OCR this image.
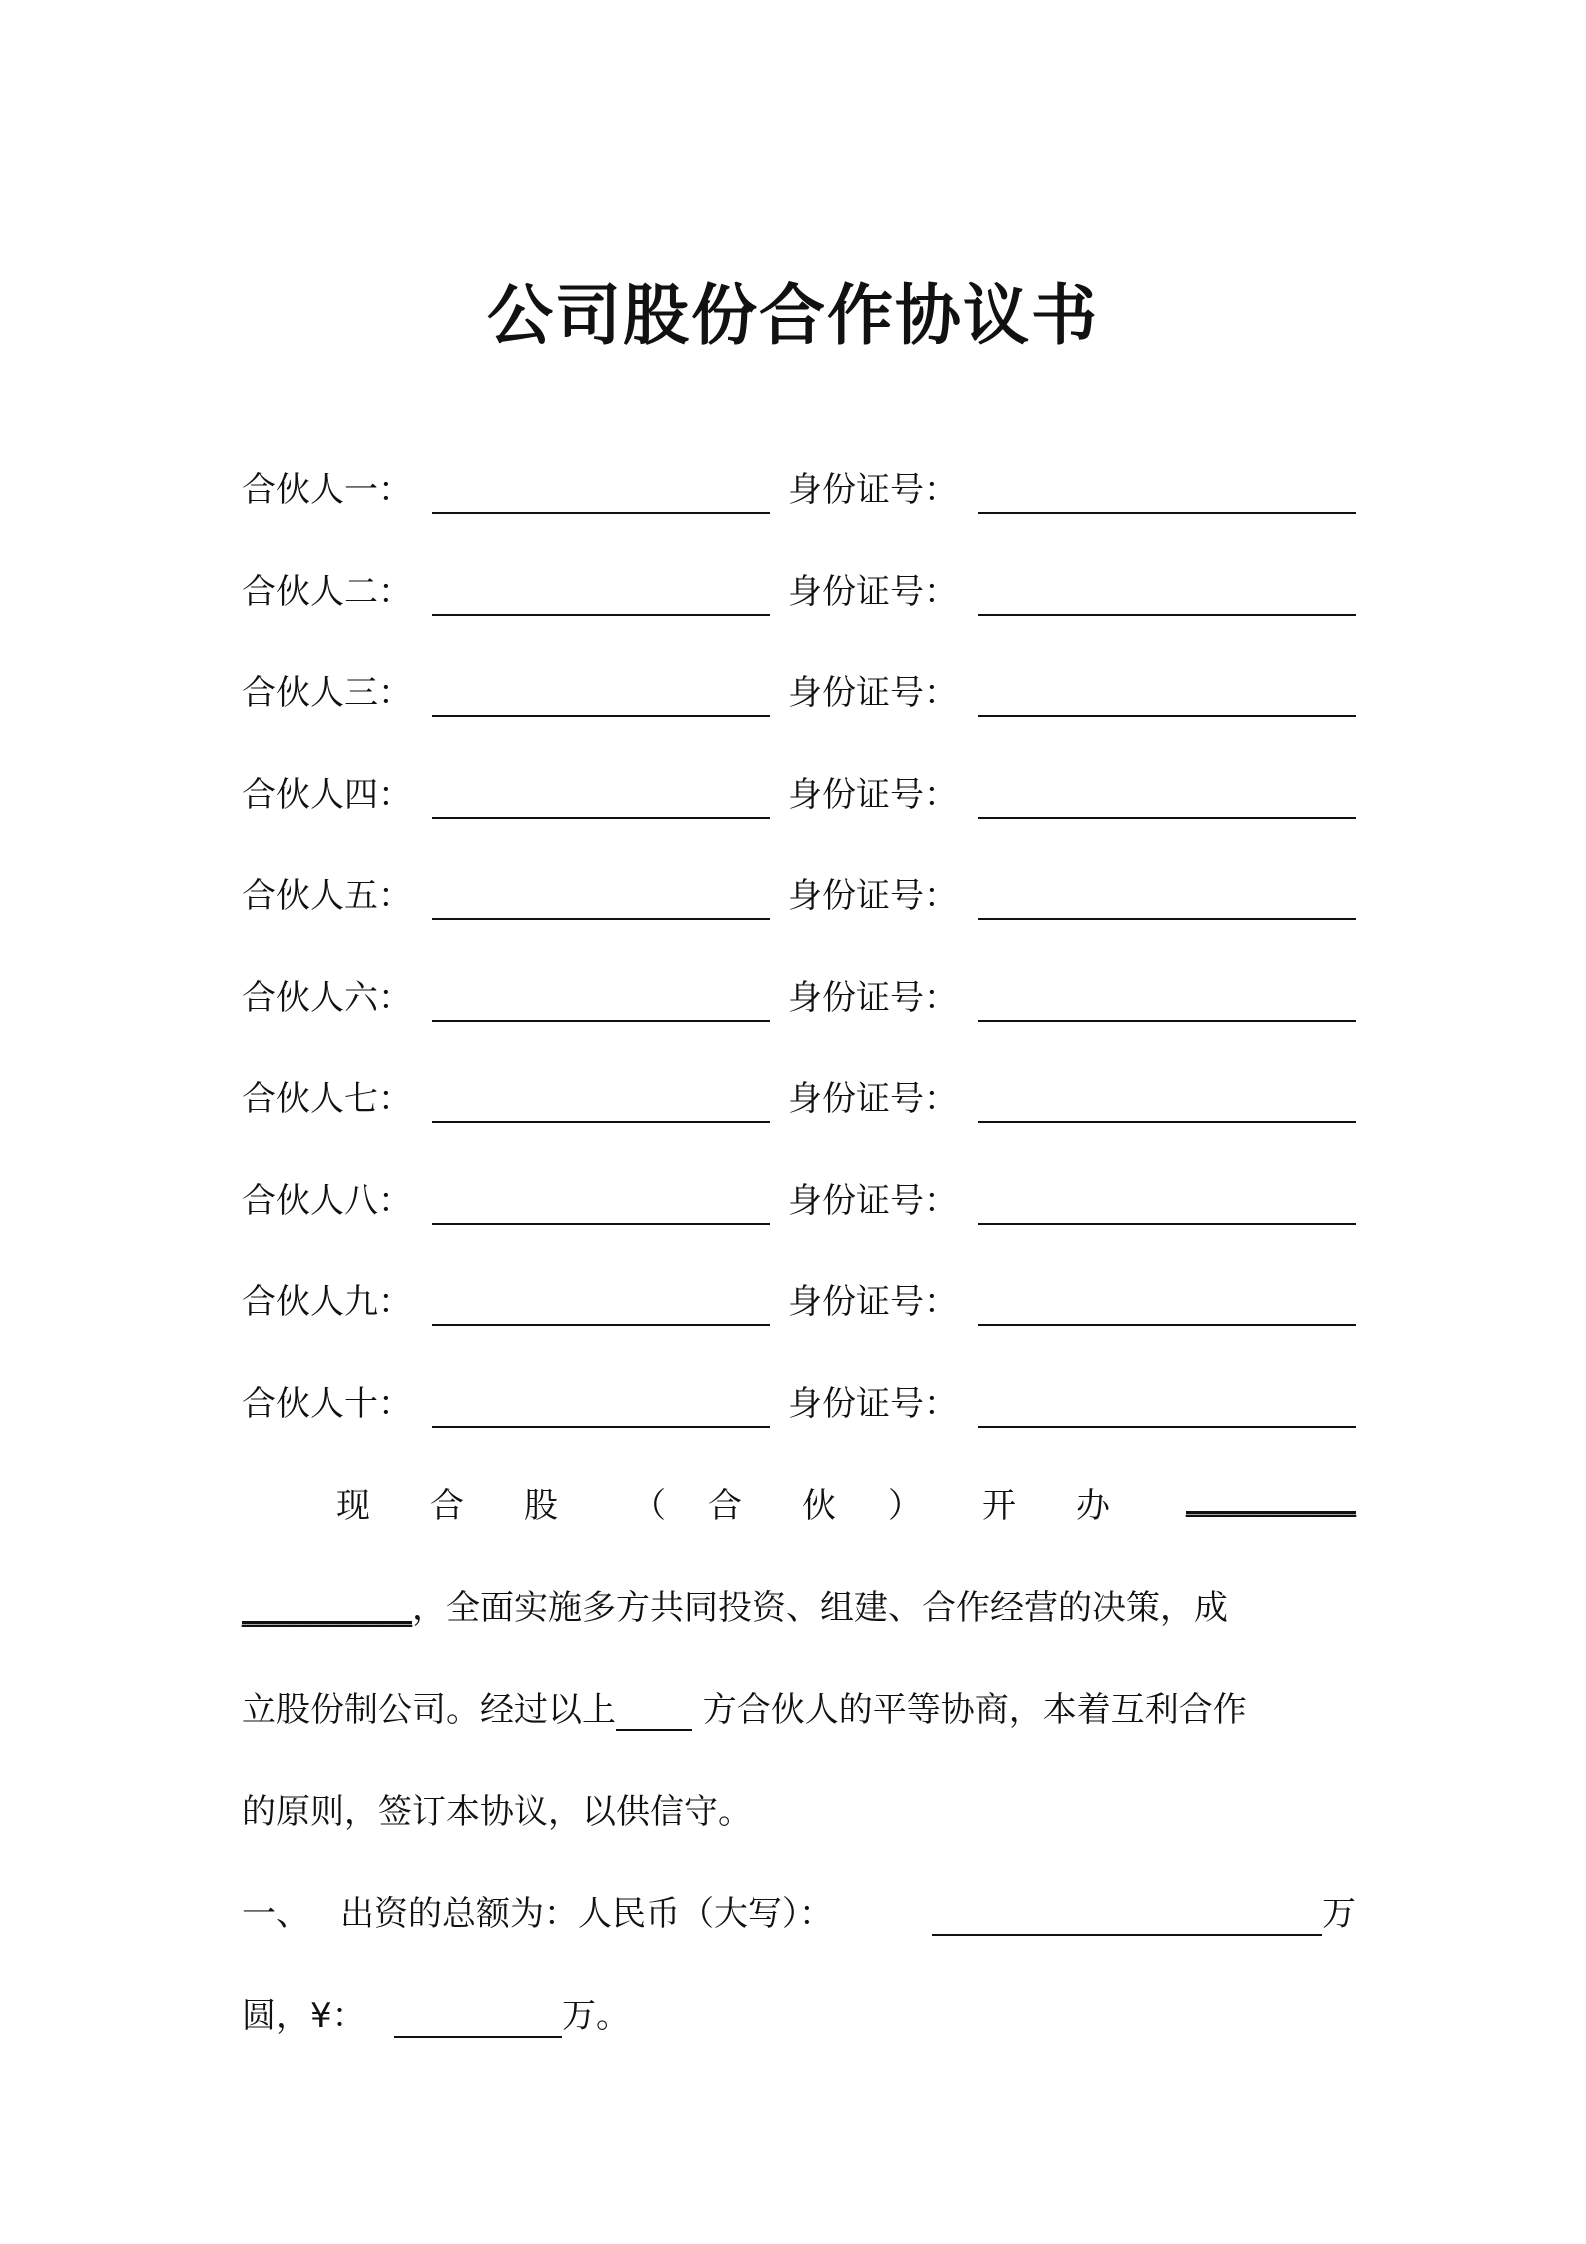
公司股份合作协议书
合伙人一：	身份证号：
合伙人二：	身份证号：
合伙人三：	身份证号：
合伙人四：	身份证号：
合伙人五：	身份证号：
合伙人六：	身份证号：
合伙人七：	身份证号：
合伙人八：	身份证号：
合伙人九：	身份证号：
合伙人十：	身份证号：
现 合 股 （ 合 伙 ） 开 办 __________
__________，全面实施多方共同投资、组建、合作经营的决策，成
立股份制公司。经过以上 方合伙人的平等协商，本着互利合作
的原则，签订本协议，以供信守。
一、 出资的总额为：人民币（大写）：	万
圆，¥：	万。
